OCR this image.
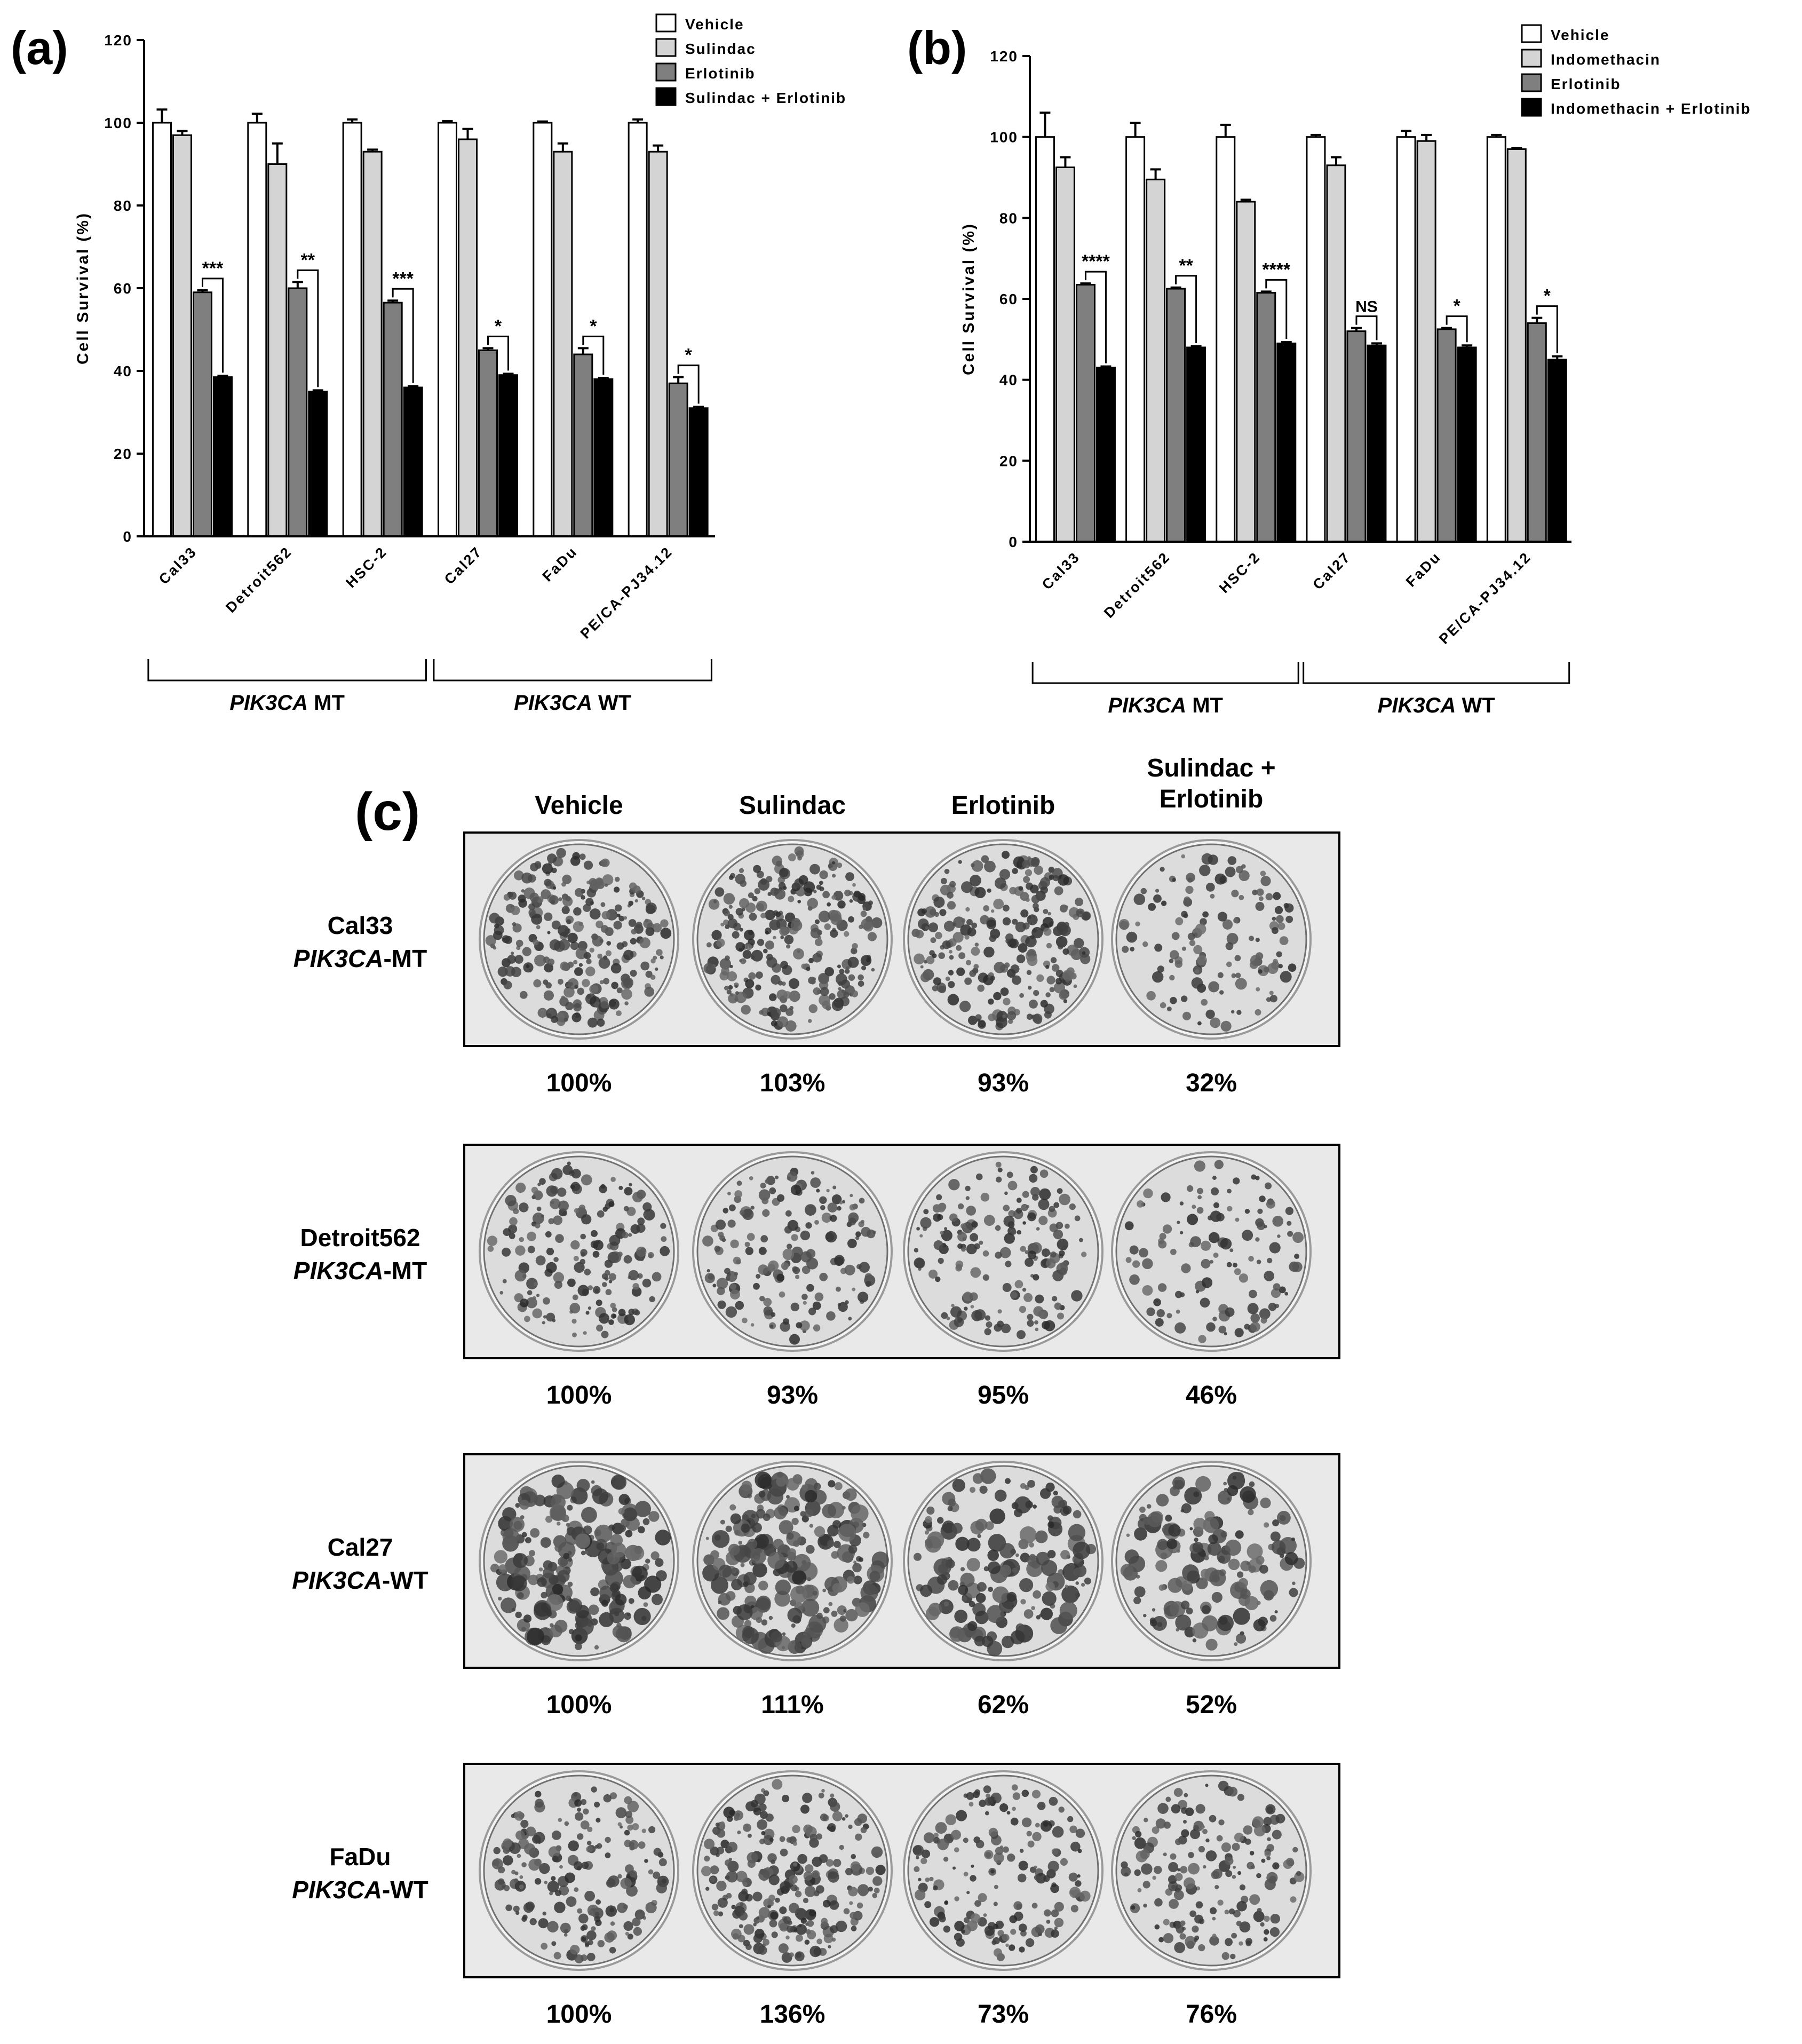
(a)	(b)
(c)
0
20
40
60
80
100
120
Cell Survival (%)	***
Cal33
**
Detroit562
***
HSC-2
*
Cal27
*
FaDu
*
PE/CA-PJ34.12
PIK3CA MT	PIK3CA WT
Vehicle
Sulindac
Erlotinib
Sulindac + Erlotinib
0
20
40
60
80
100
120
Cell Survival (%)	****
Cal33
**
Detroit562
****
HSC-2
NS
Cal27
*
FaDu
*
PE/CA-PJ34.12
PIK3CA MT	PIK3CA WT
Vehicle
Indomethacin
Erlotinib
Indomethacin + Erlotinib
Vehicle	Sulindac	Erlotinib
Sulindac + Erlotinib
Cal33
PIK3CA-MT
100%	103%	93%	32%
Detroit562
PIK3CA-MT
100%	93%	95%	46%
Cal27
PIK3CA-WT
100%	111%	62%	52%
FaDu
PIK3CA-WT
100%	136%	73%	76%
